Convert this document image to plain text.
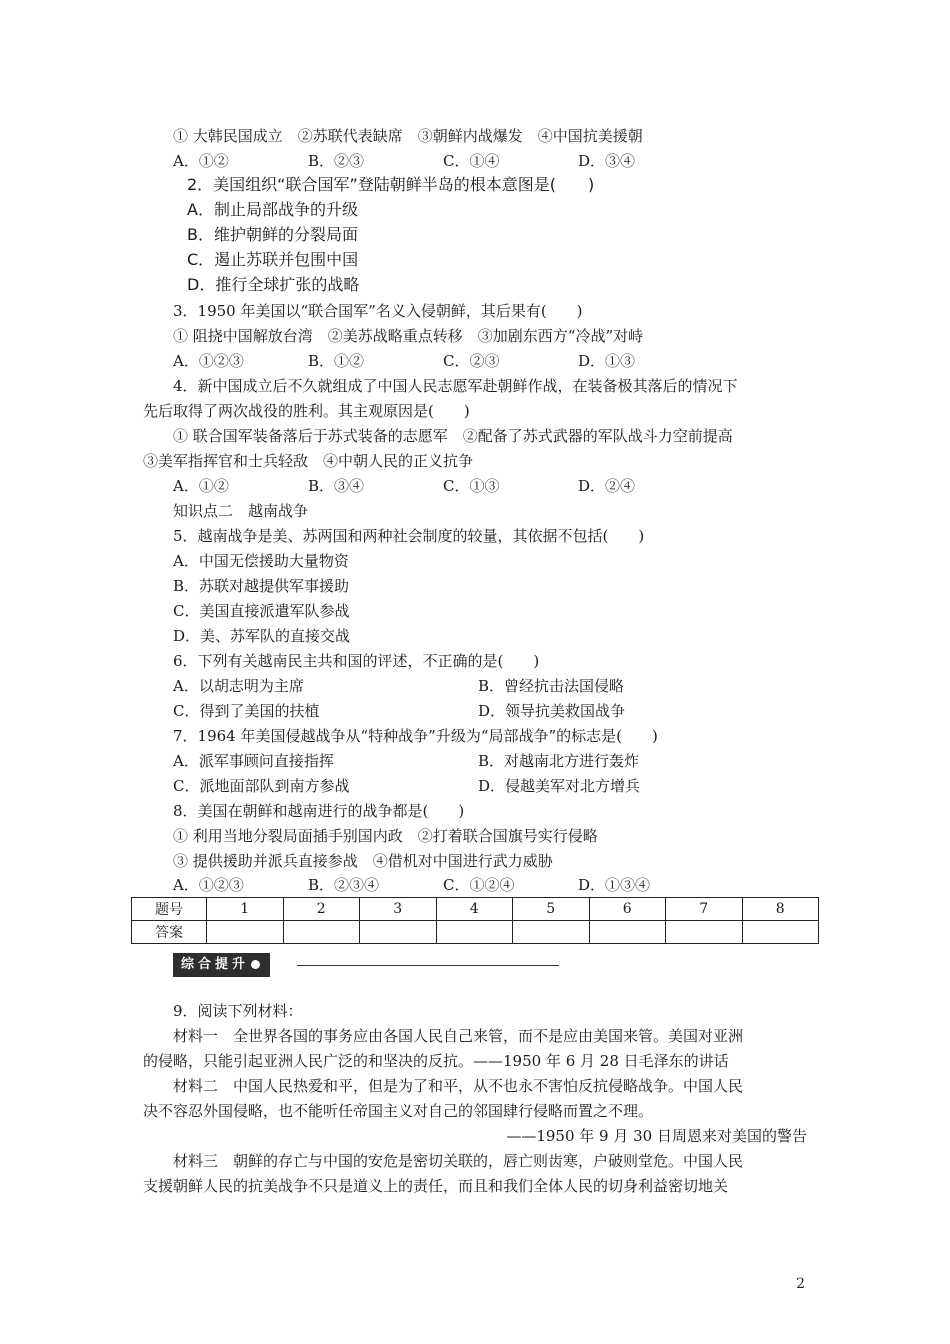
① 大韩民国成立　②苏联代表缺席　③朝鲜内战爆发　④中国抗美援朝
A．①②	B．②③	C．①④	D．③④
2．美国组织“联合国军”登陆朝鲜半岛的根本意图是(　　)
A．制止局部战争的升级
B．维护朝鲜的分裂局面
C．遏止苏联并包围中国
D．推行全球扩张的战略
3．1950 年美国以“联合国军”名义入侵朝鲜，其后果有(　　)
① 阻挠中国解放台湾　②美苏战略重点转移　③加剧东西方“冷战”对峙
A．①②③	B．①②	C．②③	D．①③
4．新中国成立后不久就组成了中国人民志愿军赴朝鲜作战，在装备极其落后的情况下
先后取得了两次战役的胜利。其主观原因是(　　)
① 联合国军装备落后于苏式装备的志愿军　②配备了苏式武器的军队战斗力空前提高
③美军指挥官和士兵轻敌　④中朝人民的正义抗争
A．①②	B．③④	C．①③	D．②④
知识点二　越南战争
5．越南战争是美、苏两国和两种社会制度的较量，其依据不包括(　　)
A．中国无偿援助大量物资
B．苏联对越提供军事援助
C．美国直接派遣军队参战
D．美、苏军队的直接交战
6．下列有关越南民主共和国的评述，不正确的是(　　)
A．以胡志明为主席	B．曾经抗击法国侵略
C．得到了美国的扶植	D．领导抗美救国战争
7．1964 年美国侵越战争从“特种战争”升级为“局部战争”的标志是(　　)
A．派军事顾问直接指挥	B．对越南北方进行轰炸
C．派地面部队到南方参战	D．侵越美军对北方增兵
8．美国在朝鲜和越南进行的战争都是(　　)
① 利用当地分裂局面插手别国内政　②打着联合国旗号实行侵略
③ 提供援助并派兵直接参战　④借机对中国进行武力威胁
A．①②③	B．②③④	C．①②④	D．①③④
题号	1	2	3	4	5	6	7	8
答案								
综合提升
9．阅读下列材料：
材料一　全世界各国的事务应由各国人民自己来管，而不是应由美国来管。美国对亚洲
的侵略，只能引起亚洲人民广泛的和坚决的反抗。——1950 年 6 月 28 日毛泽东的讲话
材料二　中国人民热爱和平，但是为了和平，从不也永不害怕反抗侵略战争。中国人民
决不容忍外国侵略，也不能听任帝国主义对自己的邻国肆行侵略而置之不理。
——1950 年 9 月 30 日周恩来对美国的警告
材料三　朝鲜的存亡与中国的安危是密切关联的，唇亡则齿寒，户破则堂危。中国人民
支援朝鲜人民的抗美战争不只是道义上的责任，而且和我们全体人民的切身利益密切地关
2
